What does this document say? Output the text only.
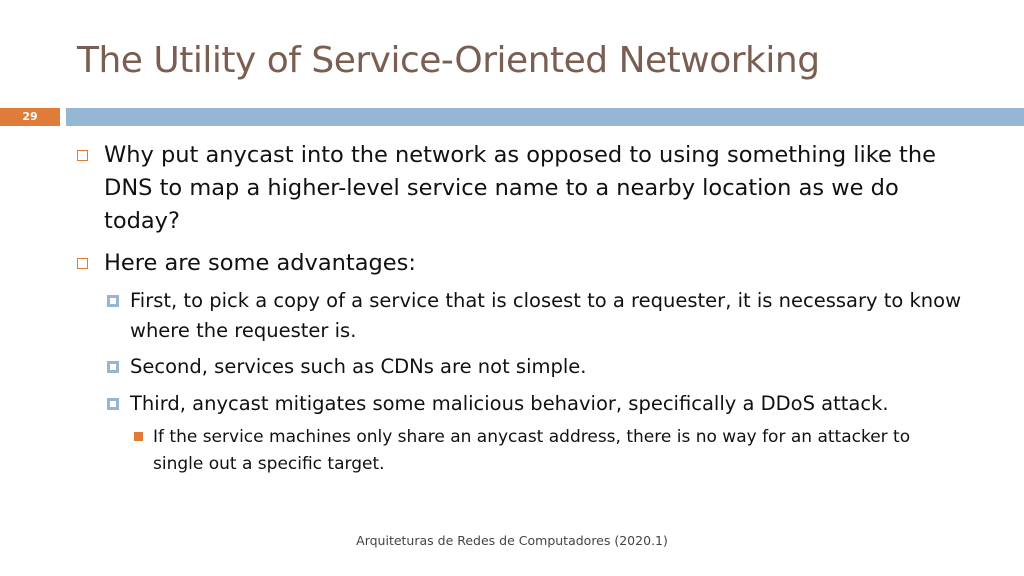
The Utility of Service-Oriented Networking
29
Why put anycast into the network as opposed to using something like the DNS to map a higher-level service name to a nearby location as we do today?
Here are some advantages:
First, to pick a copy of a service that is closest to a requester, it is necessary to know where the requester is.
Second, services such as CDNs are not simple.
Third, anycast mitigates some malicious behavior, specifically a DDoS attack.
If the service machines only share an anycast address, there is no way for an attacker to single out a specific target.
Arquiteturas de Redes de Computadores (2020.1)
